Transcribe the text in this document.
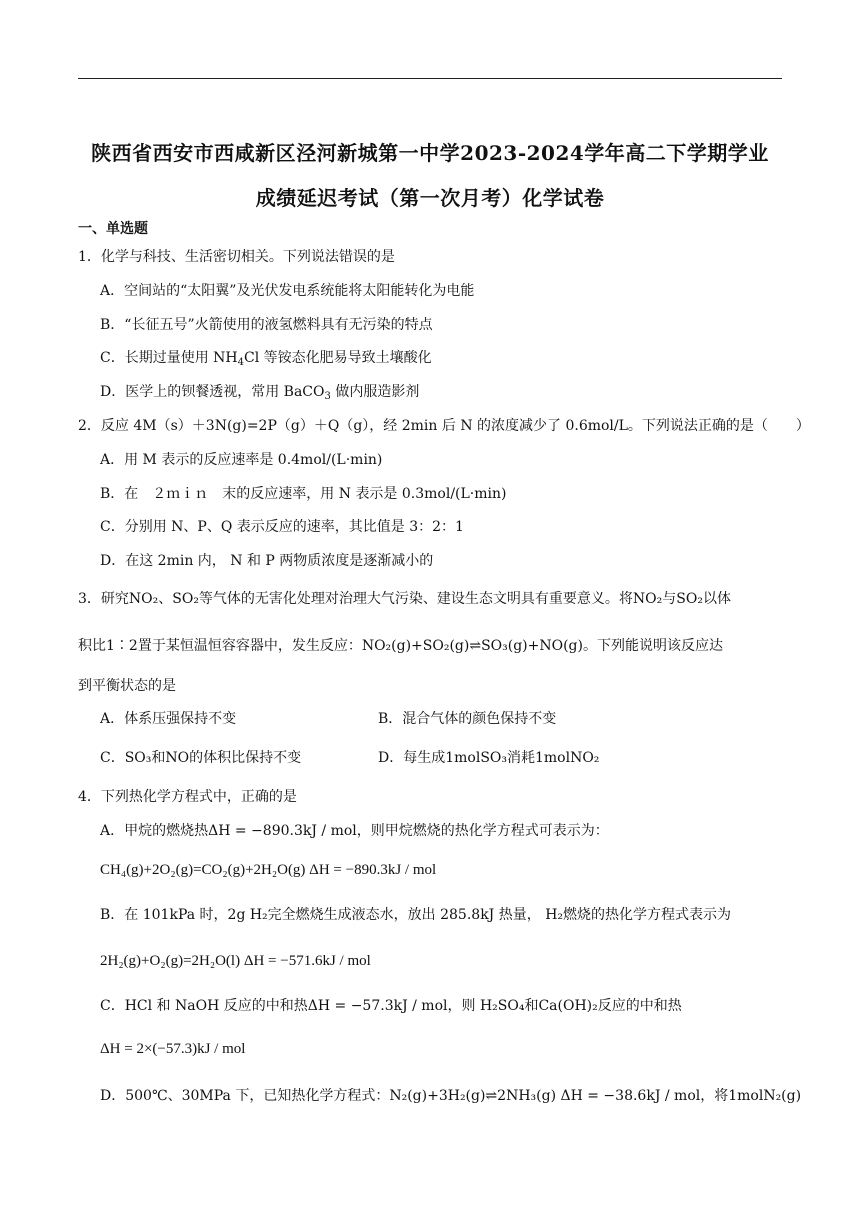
陕西省西安市西咸新区泾河新城第一中学2023-2024学年高二下学期学业
成绩延迟考试（第一次月考）化学试卷
一、单选题
1．化学与科技、生活密切相关。下列说法错误的是
A．空间站的“太阳翼”及光伏发电系统能将太阳能转化为电能
B．“长征五号”火箭使用的液氢燃料具有无污染的特点
C．长期过量使用 $NH_4Cl$ 等铵态化肥易导致土壤酸化
D．医学上的钡餐透视，常用 BaCO$_3$ 做内服造影剂
2．反应 4M（s）＋3N(g)=2P（g）＋Q（g），经 2min 后 N 的浓度减少了 0.6mol/L。下列说法正确的是（　　）
A．用 M 表示的反应速率是 0.4mol/(L·min)
B．在　２ｍｉｎ　末的反应速率，用 N 表示是 0.3mol/(L·min)
C．分别用 N、P、Q 表示反应的速率，其比值是 3：2：1
D．在这 2min 内， N 和 P 两物质浓度是逐渐减小的
3．研究NO₂、SO₂等气体的无害化处理对治理大气污染、建设生态文明具有重要意义。将NO₂与SO₂以体
积比1∶2置于某恒温恒容容器中，发生反应：NO₂(g)+SO₂(g)⇌SO₃(g)+NO(g)。下列能说明该反应达
到平衡状态的是
A．体系压强保持不变	B．混合气体的颜色保持不变
C．SO₃和NO的体积比保持不变	D．每生成1molSO₃消耗1molNO₂
4．下列热化学方程式中，正确的是
A．甲烷的燃烧热ΔH = −890.3kJ / mol，则甲烷燃烧的热化学方程式可表示为：
CH₄(g)+2O₂(g)=CO₂(g)+2H₂O(g) ΔH = −890.3kJ / mol
B．在 101kPa 时，2g H₂完全燃烧生成液态水，放出 285.8kJ 热量， H₂燃烧的热化学方程式表示为
2H₂(g)+O₂(g)=2H₂O(l) ΔH = −571.6kJ / mol
C．HCl 和 NaOH 反应的中和热ΔH = −57.3kJ / mol，则 H₂SO₄和Ca(OH)₂反应的中和热
ΔH = 2×(−57.3)kJ / mol
D．500℃、30MPa 下，已知热化学方程式：N₂(g)+3H₂(g)⇌2NH₃(g) ΔH = −38.6kJ / mol，将1molN₂(g)
